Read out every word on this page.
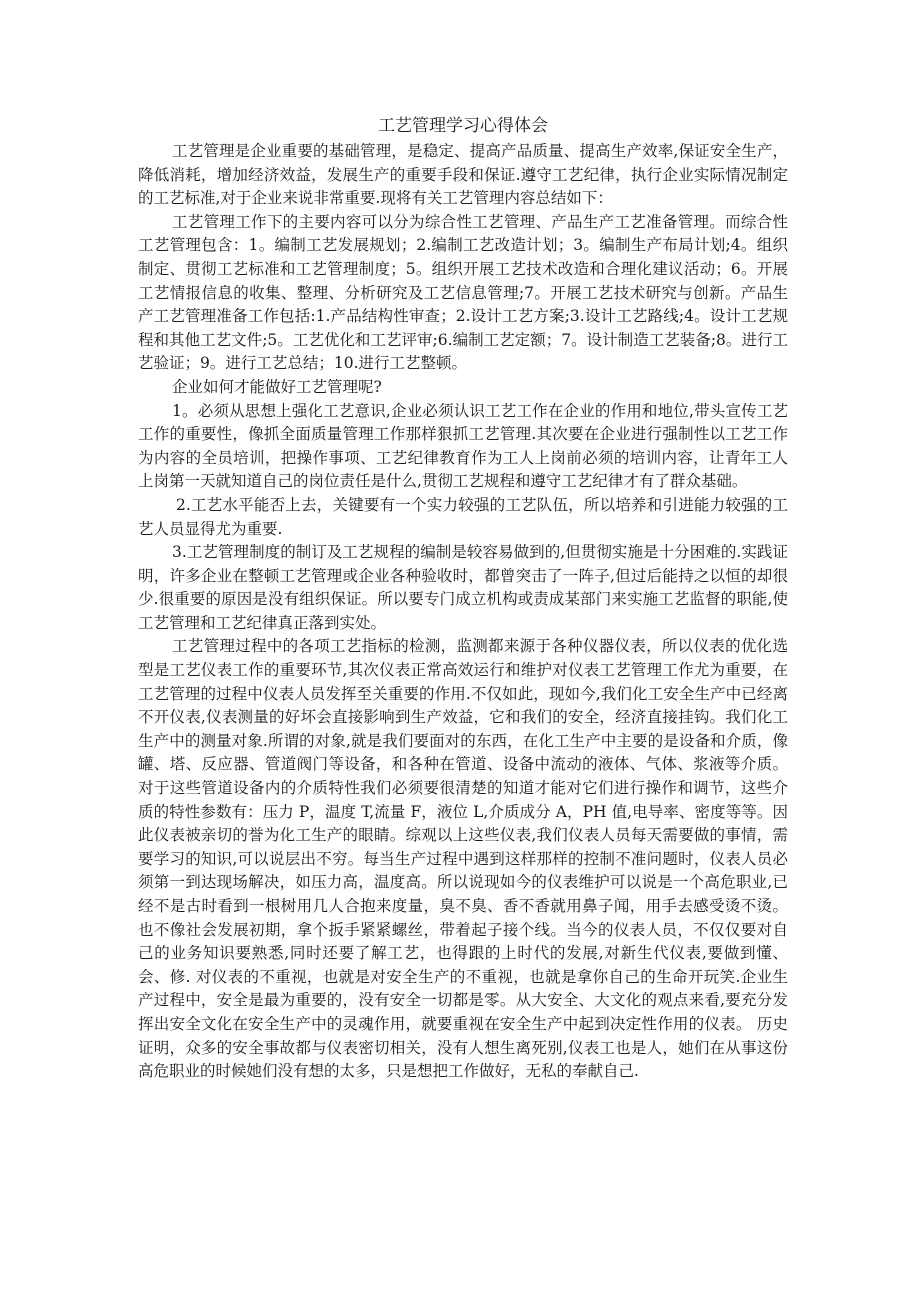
工艺管理学习心得体会

工艺管理是企业重要的基础管理，是稳定、提高产品质量、提高生产效率,保证安全生产，降低消耗，增加经济效益，发展生产的重要手段和保证.遵守工艺纪律，执行企业实际情况制定的工艺标准,对于企业来说非常重要.现将有关工艺管理内容总结如下：

工艺管理工作下的主要内容可以分为综合性工艺管理、产品生产工艺准备管理。而综合性工艺管理包含：1。编制工艺发展规划；2.编制工艺改造计划；3。编制生产布局计划;4。组织制定、贯彻工艺标准和工艺管理制度；5。组织开展工艺技术改造和合理化建议活动；6。开展工艺情报信息的收集、整理、分析研究及工艺信息管理;7。开展工艺技术研究与创新。产品生产工艺管理准备工作包括:1.产品结构性审查；2.设计工艺方案;3.设计工艺路线;4。设计工艺规程和其他工艺文件;5。工艺优化和工艺评审;6.编制工艺定额；7。设计制造工艺装备;8。进行工艺验证；9。进行工艺总结；10.进行工艺整顿。

企业如何才能做好工艺管理呢?

1。必须从思想上强化工艺意识,企业必须认识工艺工作在企业的作用和地位,带头宣传工艺工作的重要性，像抓全面质量管理工作那样狠抓工艺管理.其次要在企业进行强制性以工艺工作为内容的全员培训，把操作事项、工艺纪律教育作为工人上岗前必须的培训内容，让青年工人上岗第一天就知道自己的岗位责任是什么,贯彻工艺规程和遵守工艺纪律才有了群众基础。

2.工艺水平能否上去，关键要有一个实力较强的工艺队伍，所以培养和引进能力较强的工艺人员显得尤为重要.

3.工艺管理制度的制订及工艺规程的编制是较容易做到的,但贯彻实施是十分困难的.实践证明，许多企业在整顿工艺管理或企业各种验收时，都曾突击了一阵子,但过后能持之以恒的却很少.很重要的原因是没有组织保证。所以要专门成立机构或责成某部门来实施工艺监督的职能,使工艺管理和工艺纪律真正落到实处。

工艺管理过程中的各项工艺指标的检测，监测都来源于各种仪器仪表，所以仪表的优化选型是工艺仪表工作的重要环节,其次仪表正常高效运行和维护对仪表工艺管理工作尤为重要，在工艺管理的过程中仪表人员发挥至关重要的作用.不仅如此，现如今,我们化工安全生产中已经离不开仪表,仪表测量的好坏会直接影响到生产效益，它和我们的安全，经济直接挂钩。我们化工生产中的测量对象.所谓的对象,就是我们要面对的东西，在化工生产中主要的是设备和介质，像罐、塔、反应器、管道阀门等设备，和各种在管道、设备中流动的液体、气体、浆液等介质。对于这些管道设备内的介质特性我们必须要很清楚的知道才能对它们进行操作和调节，这些介质的特性参数有：压力 P，温度 T,流量 F，液位 L,介质成分 A，PH 值,电导率、密度等等。因此仪表被亲切的誉为化工生产的眼睛。综观以上这些仪表,我们仪表人员每天需要做的事情，需要学习的知识,可以说层出不穷。每当生产过程中遇到这样那样的控制不准问题时，仪表人员必须第一到达现场解决，如压力高，温度高。所以说现如今的仪表维护可以说是一个高危职业,已经不是古时看到一根树用几人合抱来度量，臭不臭、香不香就用鼻子闻，用手去感受烫不烫。也不像社会发展初期，拿个扳手紧紧螺丝，带着起子接个线。当今的仪表人员，不仅仅要对自己的业务知识要熟悉,同时还要了解工艺，也得跟的上时代的发展,对新生代仪表,要做到懂、会、修. 对仪表的不重视，也就是对安全生产的不重视，也就是拿你自己的生命开玩笑.企业生产过程中，安全是最为重要的，没有安全一切都是零。从大安全、大文化的观点来看,要充分发挥出安全文化在安全生产中的灵魂作用，就要重视在安全生产中起到决定性作用的仪表。 历史证明，众多的安全事故都与仪表密切相关，没有人想生离死别,仪表工也是人，她们在从事这份高危职业的时候她们没有想的太多，只是想把工作做好，无私的奉献自己.
